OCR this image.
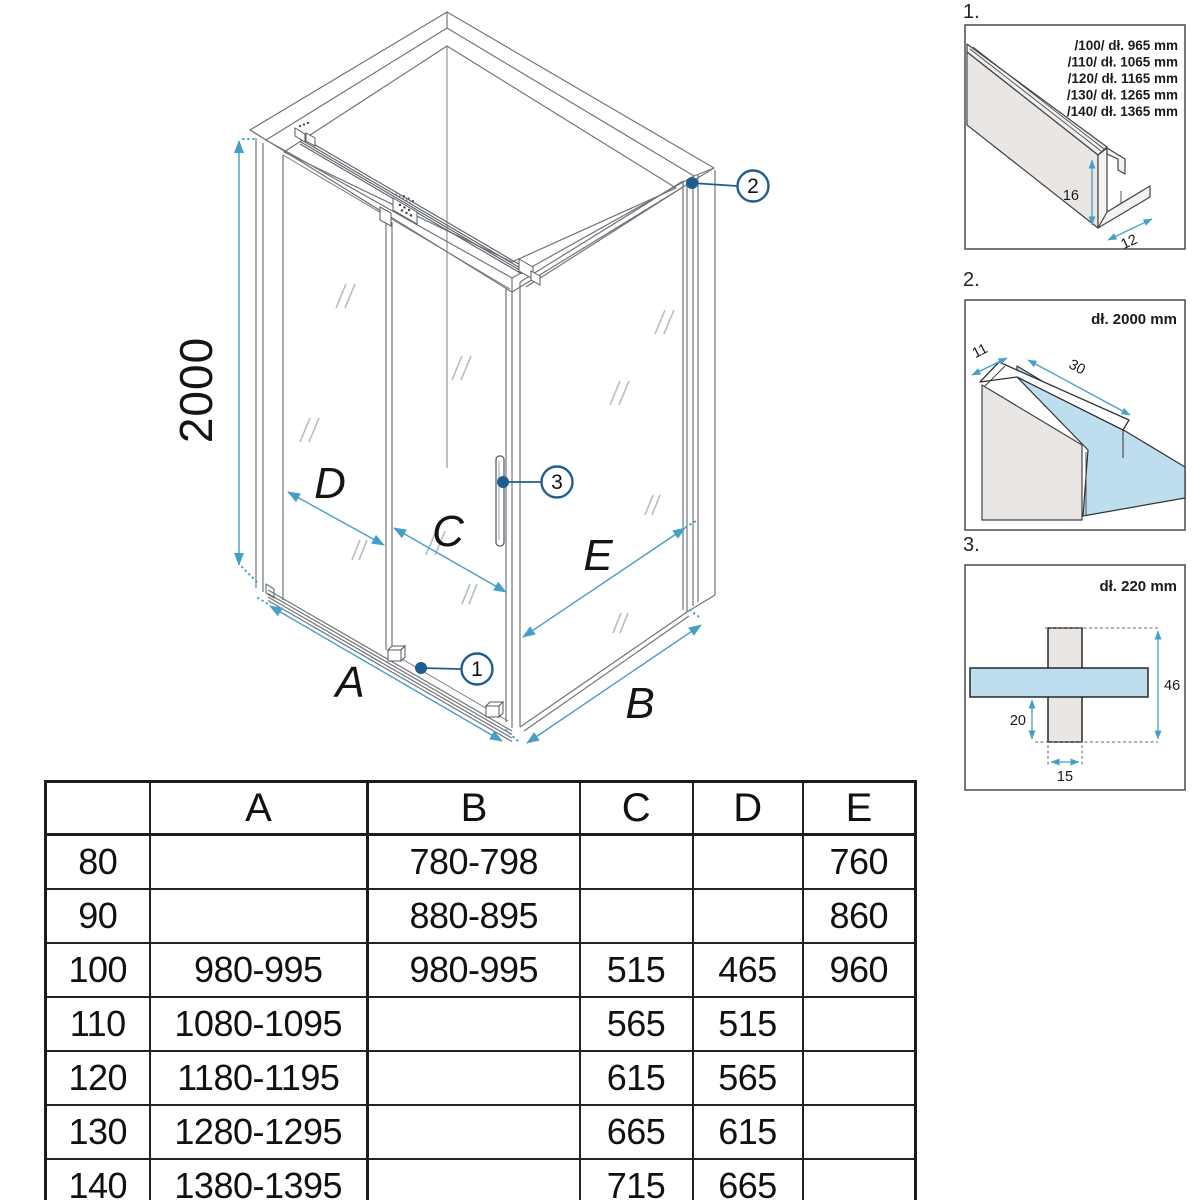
2000
D
C	E
A	B
1
2
3
1.
/100/ dł. 965 mm
/110/ dł. 1065 mm
/120/ dł. 1165 mm
/130/ dł. 1265 mm
/140/ dł. 1365 mm
16
12
2.
dł. 2000 mm
11
30
3.
dł. 220 mm
46
20
15
	A	B	C	D	E
80		780-798			760
90		880-895			860
100	980-995	980-995	515	465	960
110	1080-1095		565	515	
120	1180-1195		615	565	
130	1280-1295		665	615	
140	1380-1395		715	665	
